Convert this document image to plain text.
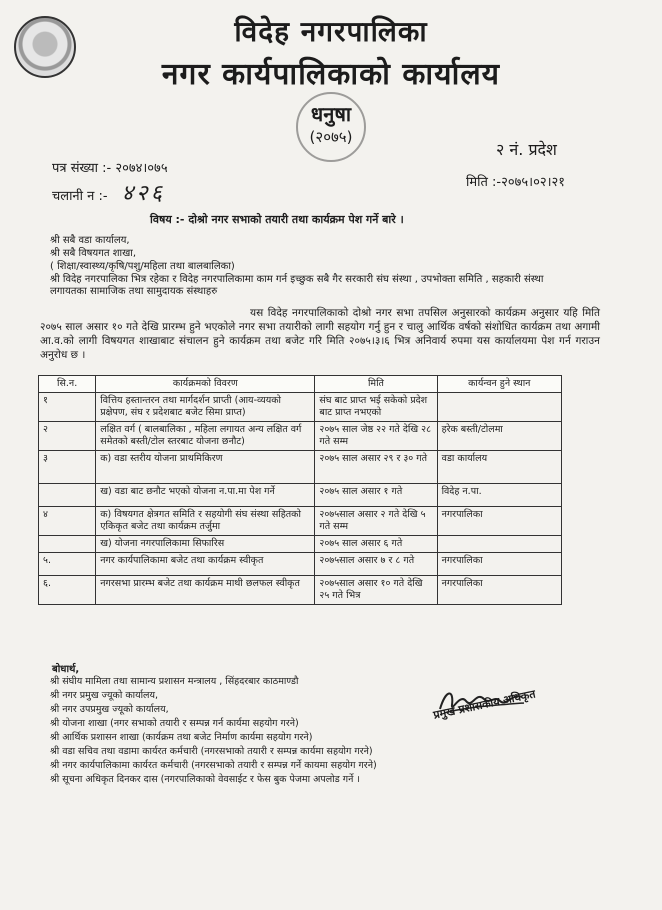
विदेह नगरपालिका
नगर कार्यपालिकाको कार्यालय
धनुषा
(२०७५)
२ नं. प्रदेश
पत्र संख्या :- २०७४।०७५
चलानी न :- ४२६	मिति :-२०७५।०२।२१
विषय :- दोश्रो नगर सभाको तयारी तथा कार्यक्रम पेश गर्ने बारे ।
श्री सबै वडा कार्यालय,
श्री सबै विषयगत शाखा,
( शिक्षा/स्वास्थ्य/कृषि/पशु/महिला तथा बालबालिका)
श्री विदेह नगरपालिका भित्र रहेका र विदेह नगरपालिकामा काम गर्न इच्छुक सबै गैर सरकारी संघ संस्था , उपभोक्ता समिति , सहकारी संस्था
लगायतका सामाजिक तथा सामुदायक संस्थाहरु
यस विदेह नगरपालिकाको दोश्रो नगर सभा तपसिल अनुसारको कार्यक्रम अनुसार यहि मिति २०७५ साल असार १० गते देखि प्रारम्भ हुने भएकोले नगर सभा तयारीको लागी सहयोग गर्नु हुन र चालु आर्थिक वर्षको संशोधित कार्यक्रम तथा अगामी आ.व.को लागी विषयगत शाखाबाट संचालन हुने कार्यक्रम तथा बजेट गरि मिति २०७५।३।६ भित्र अनिवार्य रुपमा यस कार्यालयमा पेश गर्न गराउन अनुरोध छ ।
सि.न.	कार्यक्रमको विवरण	मिति	कार्यन्वन हुने स्थान
१	वित्तिय हस्तान्तरन तथा मार्गदर्शन प्राप्ती (आय-व्ययको प्रक्षेपण, संघ र प्रदेशबाट बजेट सिमा प्राप्त)	संघ बाट प्राप्त भई सकेको प्रदेश बाट प्राप्त नभएको	
२	लक्षित वर्ग ( बालबालिका , महिला लगायत अन्य लक्षित वर्ग समेतको बस्ती/टोल स्तरबाट योजना छनौट)	२०७५ साल जेष्ठ २२ गते देखि २८ गते सम्म	हरेक बस्ती/टोलमा
३	क) वडा स्तरीय योजना प्राथमिकिरण	२०७५ साल असार २९ र ३० गते	वडा कार्यालय
	ख) वडा बाट छनौट भएको योजना न.पा.मा पेश गर्ने	२०७५ साल असार १ गते	विदेह न.पा.
४	क) विषयगत क्षेत्रगत समिति र सहयोगी संघ संस्था सहितको एकिकृत बजेट तथा कार्यक्रम तर्जुमा	२०७५साल असार २ गते देखि ५ गते सम्म	नगरपालिका
	ख) योजना नगरपालिकामा सिफारिस	२०७५ साल असार ६ गते	
५.	नगर कार्यपालिकामा बजेट तथा कार्यक्रम स्वीकृत	२०७५साल असार ७ र ८ गते	नगरपालिका
६.	नगरसभा प्रारम्भ बजेट तथा कार्यक्रम माथी छलफल स्वीकृत	२०७५साल असार १० गते देखि २५ गते भित्र	नगरपालिका
बोधार्थ,
श्री संघीय मामिला तथा सामान्य प्रशासन मन्त्रालय , सिंहदरबार काठमाण्डौ
श्री नगर प्रमुख ज्यूको कार्यालय,
श्री नगर उपप्रमुख ज्यूको कार्यालय,
श्री योजना शाखा (नगर सभाको तयारी र सम्पन्न गर्न कार्यमा सहयोग गरने)
श्री आर्थिक प्रशासन शाखा (कार्यक्रम तथा बजेट निर्माण कार्यमा सहयोग गरने)
श्री वडा सचिव तथा वडामा कार्यरत कर्मचारी (नगरसभाको तयारी र सम्पन्न कार्यमा सहयोग गरने)
श्री नगर कार्यपालिकामा कार्यरत कर्मचारी (नगरसभाको तयारी र सम्पन्न गर्ने कायमा सहयोग गरने)
श्री सूचना अधिकृत दिनकर दास (नगरपालिकाको वेवसाईट र फेस बुक पेजमा अपलोड गर्ने ।
प्रमुख प्रशासकीय अधिकृत
